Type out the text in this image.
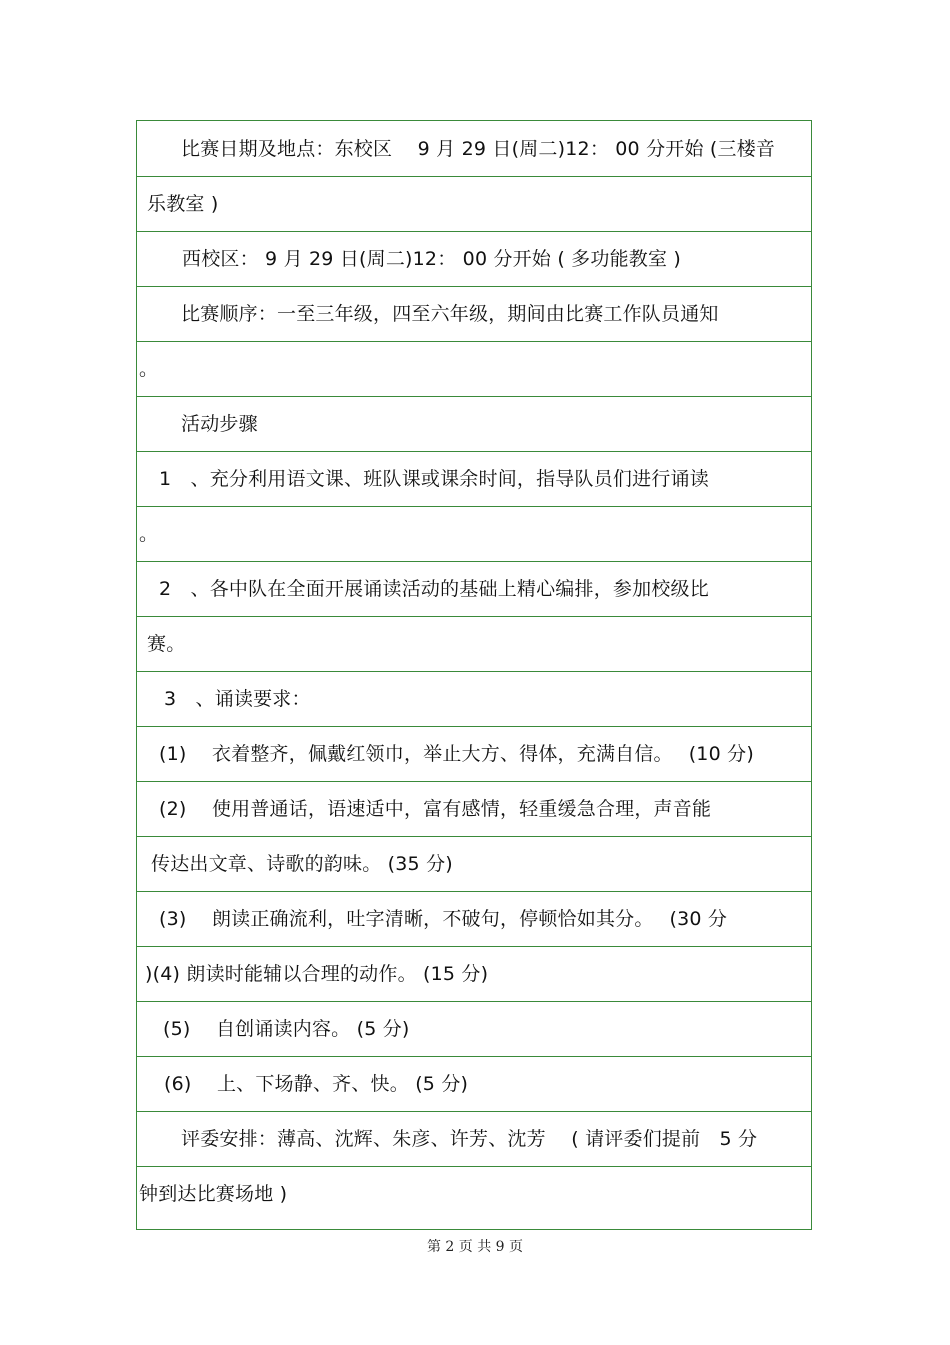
比赛日期及地点：东校区　 9 月 29 日(周二)12： 00 分开始 (三楼音
乐教室 )
西校区： 9 月 29 日(周二)12： 00 分开始 ( 多功能教室 )
比赛顺序：一至三年级，四至六年级，期间由比赛工作队员通知
。
活动步骤
1　、充分利用语文课、班队课或课余时间，指导队员们进行诵读
。
2　、各中队在全面开展诵读活动的基础上精心编排，参加校级比
赛。
3　、诵读要求：
(1)　 衣着整齐，佩戴红领巾，举止大方、得体，充满自信。　 (10 分)
(2)　 使用普通话，语速适中，富有感情，轻重缓急合理，声音能
传达出文章、诗歌的韵味。 (35 分)
(3)　 朗读正确流利，吐字清晰，不破句，停顿恰如其分。　 (30 分
)(4) 朗读时能辅以合理的动作。 (15 分)
(5)　 自创诵读内容。 (5 分)
(6)　 上、下场静、齐、快。 (5 分)
评委安排：薄高、沈辉、朱彦、许芳、沈芳　 ( 请评委们提前　5 分
钟到达比赛场地 )
第 2 页 共 9 页
